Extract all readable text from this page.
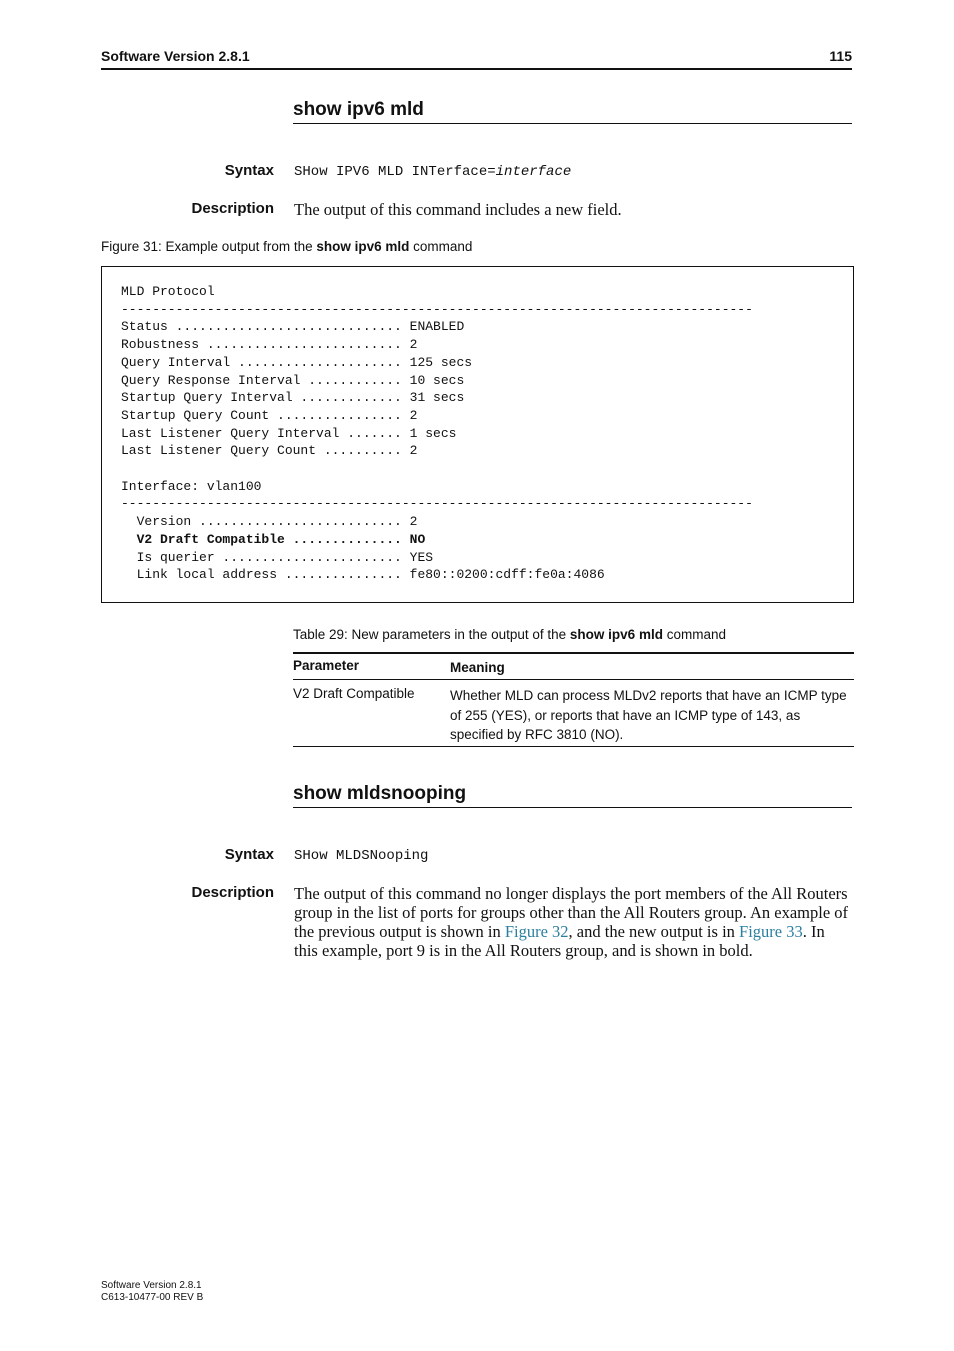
Software Version 2.8.1	115
show ipv6 mld
Syntax SHow IPV6 MLD INTerface=interface
Description The output of this command includes a new field.
Figure 31: Example output from the show ipv6 mld command
MLD Protocol
---------------------------------------------------------------------------------
Status ............................. ENABLED
Robustness ......................... 2
Query Interval ..................... 125 secs
Query Response Interval ............ 10 secs
Startup Query Interval ............. 31 secs
Startup Query Count ................ 2
Last Listener Query Interval ....... 1 secs
Last Listener Query Count .......... 2

Interface: vlan100
---------------------------------------------------------------------------------
Version .......................... 2
V2 Draft Compatible .............. NO
Is querier ....................... YES
Link local address ............... fe80::0200:cdff:fe0a:4086
Table 29: New parameters in the output of the show ipv6 mld command
Parameter	Meaning
V2 Draft Compatible	Whether MLD can process MLDv2 reports that have an ICMP type
of 255 (YES), or reports that have an ICMP type of 143, as
specified by RFC 3810 (NO).
show mldsnooping
Syntax SHow MLDSNooping
Description The output of this command no longer displays the port members of the All Routers group in the list of ports for groups other than the All Routers group. An example of the previous output is shown in Figure 32, and the new output is in Figure 33. In this example, port 9 is in the All Routers group, and is shown in bold.
Software Version 2.8.1
C613-10477-00 REV B
